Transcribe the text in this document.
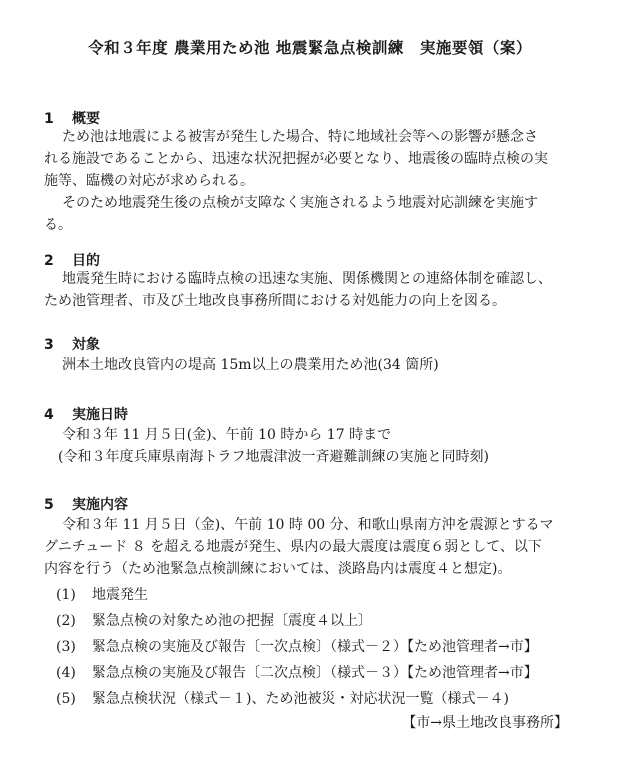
令和３年度 農業用ため池 地震緊急点検訓練　実施要領（案）
1 概要
ため池は地震による被害が発生した場合、特に地域社会等への影響が懸念さ
れる施設であることから、迅速な状況把握が必要となり、地震後の臨時点検の実
施等、臨機の対応が求められる。
そのため地震発生後の点検が支障なく実施されるよう地震対応訓練を実施す
る。
2 目的
地震発生時における臨時点検の迅速な実施、関係機関との連絡体制を確認し、
ため池管理者、市及び土地改良事務所間における対処能力の向上を図る。
3 対象
洲本土地改良管内の堤高 15m以上の農業用ため池(34 箇所)
4 実施日時
令和３年 11 月５日(金)、午前 10 時から 17 時まで
(令和３年度兵庫県南海トラフ地震津波一斉避難訓練の実施と同時刻)
5 実施内容
令和３年 11 月５日（金)、午前 10 時 00 分、和歌山県南方沖を震源とするマ
グニチュード ８ を超える地震が発生、県内の最大震度は震度６弱として、以下
内容を行う（ため池緊急点検訓練においては、淡路島内は震度４と想定)。
(1) 地震発生
(2) 緊急点検の対象ため池の把握〔震度４以上〕
(3) 緊急点検の実施及び報告〔一次点検〕（様式－２）【ため池管理者→市】
(4) 緊急点検の実施及び報告〔二次点検〕（様式－３）【ため池管理者→市】
(5) 緊急点検状況（様式－１)、ため池被災・対応状況一覧（様式－４)
【市→県土地改良事務所】
